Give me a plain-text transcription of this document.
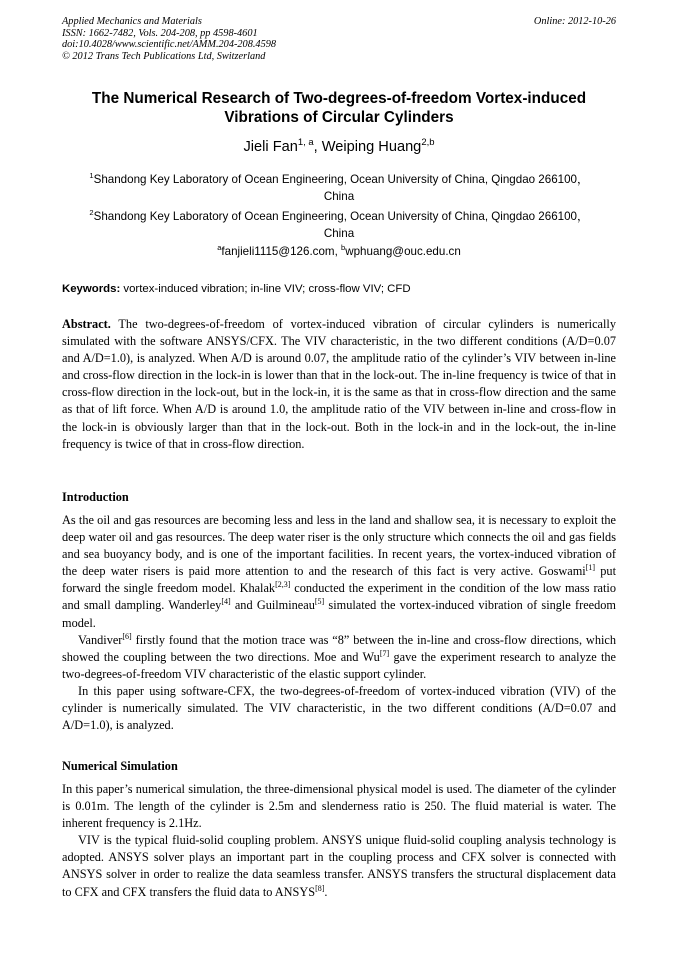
Applied Mechanics and Materials
ISSN: 1662-7482, Vols. 204-208, pp 4598-4601
doi:10.4028/www.scientific.net/AMM.204-208.4598
© 2012 Trans Tech Publications Ltd, Switzerland
Online: 2012-10-26
The Numerical Research of Two-degrees-of-freedom Vortex-induced
Vibrations of Circular Cylinders
Jieli Fan$^{1, a}$, Weiping Huang$^{2,b}$
$^1$Shandong Key Laboratory of Ocean Engineering, Ocean University of China, Qingdao 266100，
China
$^2$Shandong Key Laboratory of Ocean Engineering, Ocean University of China, Qingdao 266100，
China
$^a$fanjieli1115@126.com, $^b$wphuang@ouc.edu.cn
Keywords: vortex-induced vibration; in-line VIV; cross-flow VIV; CFD
Abstract. The two-degrees-of-freedom of vortex-induced vibration of circular cylinders is numerically simulated with the software ANSYS/CFX. The VIV characteristic, in the two different conditions (A/D=0.07 and A/D=1.0), is analyzed. When A/D is around 0.07, the amplitude ratio of the cylinder’s VIV between in-line and cross-flow direction in the lock-in is lower than that in the lock-out. The in-line frequency is twice of that in cross-flow direction in the lock-out, but in the lock-in, it is the same as that in cross-flow direction and the same as that of lift force. When A/D is around 1.0, the amplitude ratio of the VIV between in-line and cross-flow in the lock-in is obviously larger than that in the lock-out. Both in the lock-in and in the lock-out, the in-line frequency is twice of that in cross-flow direction.
Introduction

As the oil and gas resources are becoming less and less in the land and shallow sea, it is necessary to exploit the deep water oil and gas resources. The deep water riser is the only structure which connects the oil and gas fields and sea buoyancy body, and is one of the important facilities. In recent years, the vortex-induced vibration of the deep water risers is paid more attention to and the research of this fact is very active. Goswami[1] put forward the single freedom model. Khalak[2,3] conducted the experiment in the condition of the low mass ratio and small dampling. Wanderley[4] and Guilmineau[5] simulated the vortex-induced vibration of single freedom model.

Vandiver[6] firstly found that the motion trace was “8” between the in-line and cross-flow directions, which showed the coupling between the two directions. Moe and Wu[7] gave the experiment research to analyze the two-degrees-of-freedom VIV characteristic of the elastic support cylinder.

In this paper using software-CFX, the two-degrees-of-freedom of vortex-induced vibration (VIV) of the cylinder is numerically simulated. The VIV characteristic, in the two different conditions (A/D=0.07 and A/D=1.0), is analyzed.

Numerical Simulation

In this paper’s numerical simulation, the three-dimensional physical model is used. The diameter of the cylinder is 0.01m. The length of the cylinder is 2.5m and slenderness ratio is 250. The fluid material is water. The inherent frequency is 2.1Hz.

VIV is the typical fluid-solid coupling problem. ANSYS unique fluid-solid coupling analysis technology is adopted. ANSYS solver plays an important part in the coupling process and CFX solver is connected with ANSYS solver in order to realize the data seamless transfer. ANSYS transfers the structural displacement data to CFX and CFX transfers the fluid data to ANSYS[8].
